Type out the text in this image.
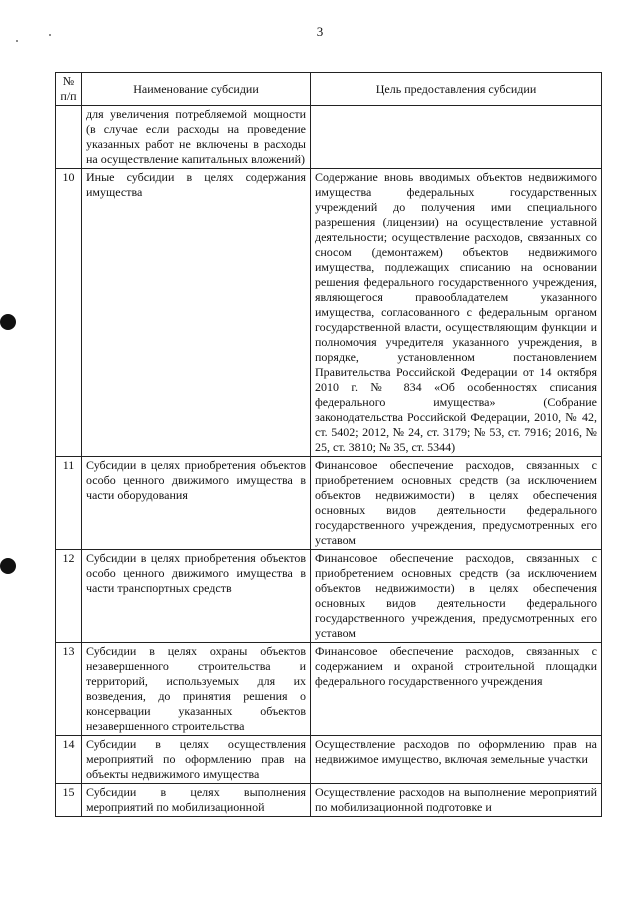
3
№ п/п	Наименование субсидии	Цель предоставления субсидии
	для увеличения потребляемой мощности (в случае если расходы на проведение указанных работ не включены в расходы на осуществление капитальных вложений)	
10	Иные субсидии в целях содержания имущества	Содержание вновь вводимых объектов недвижимого имущества федеральных государственных учреждений до получения ими специального разрешения (лицензии) на осуществление уставной деятельности; осуществление расходов, связанных со сносом (демонтажем) объектов недвижимого имущества, подлежащих списанию на основании решения федерального государственного учреждения, являющегося правообладателем указанного имущества, согласованного с федеральным органом государственной власти, осуществляющим функции и полномочия учредителя указанного учреждения, в порядке, установленном постановлением Правительства Российской Федерации от 14 октября 2010 г. № 834 «Об особенностях списания федерального имущества» (Собрание законодательства Российской Федерации, 2010, № 42, ст. 5402; 2012, № 24, ст. 3179; № 53, ст. 7916; 2016, № 25, ст. 3810; № 35, ст. 5344)
11	Субсидии в целях приобретения объектов особо ценного движимого имущества в части оборудования	Финансовое обеспечение расходов, связанных с приобретением основных средств (за исключением объектов недвижимости) в целях обеспечения основных видов деятельности федерального государственного учреждения, предусмотренных его уставом
12	Субсидии в целях приобретения объектов особо ценного движимого имущества в части транспортных средств	Финансовое обеспечение расходов, связанных с приобретением основных средств (за исключением объектов недвижимости) в целях обеспечения основных видов деятельности федерального государственного учреждения, предусмотренных его уставом
13	Субсидии в целях охраны объектов незавершенного строительства и территорий, используемых для их возведения, до принятия решения о консервации указанных объектов незавершенного строительства	Финансовое обеспечение расходов, связанных с содержанием и охраной строительной площадки федерального государственного учреждения
14	Субсидии в целях осуществления мероприятий по оформлению прав на объекты недвижимого имущества	Осуществление расходов по оформлению прав на недвижимое имущество, включая земельные участки
15	Субсидии в целях выполнения мероприятий по мобилизационной	Осуществление расходов на выполнение мероприятий по мобилизационной подготовке и
